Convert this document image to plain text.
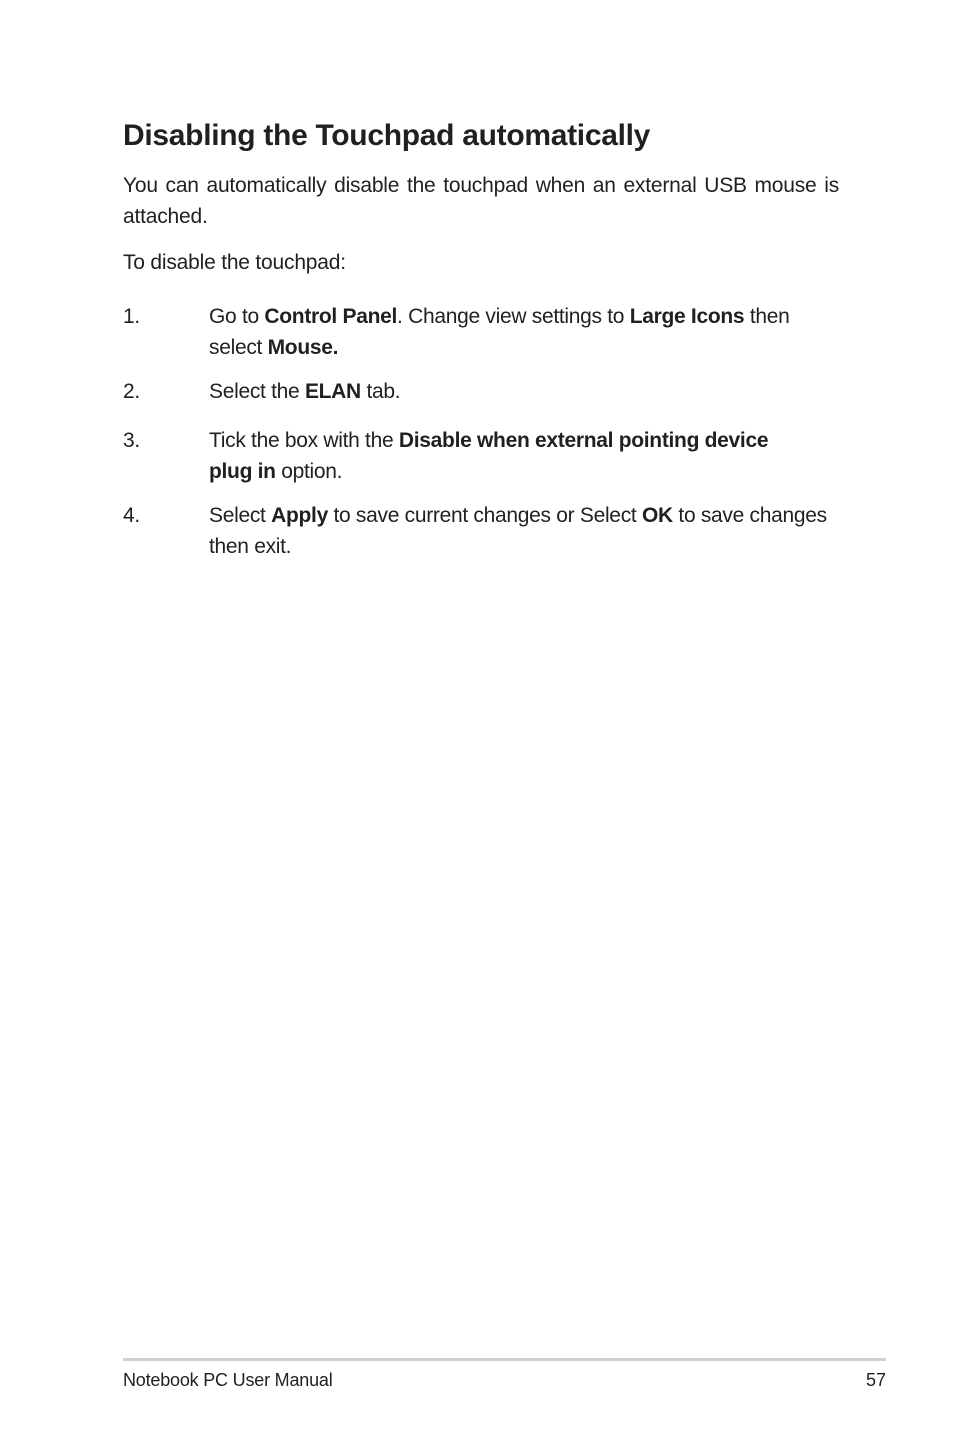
Disabling the Touchpad automatically

You can automatically disable the touchpad when an external USB mouse is attached.

To disable the touchpad:

1.	Go to Control Panel. Change view settings to Large Icons then select Mouse.
2.	Select the ELAN tab.
3.	Tick the box with the Disable when external pointing device plug in option.
4.	Select Apply to save current changes or Select OK to save changes then exit.
Notebook PC User Manual	57
